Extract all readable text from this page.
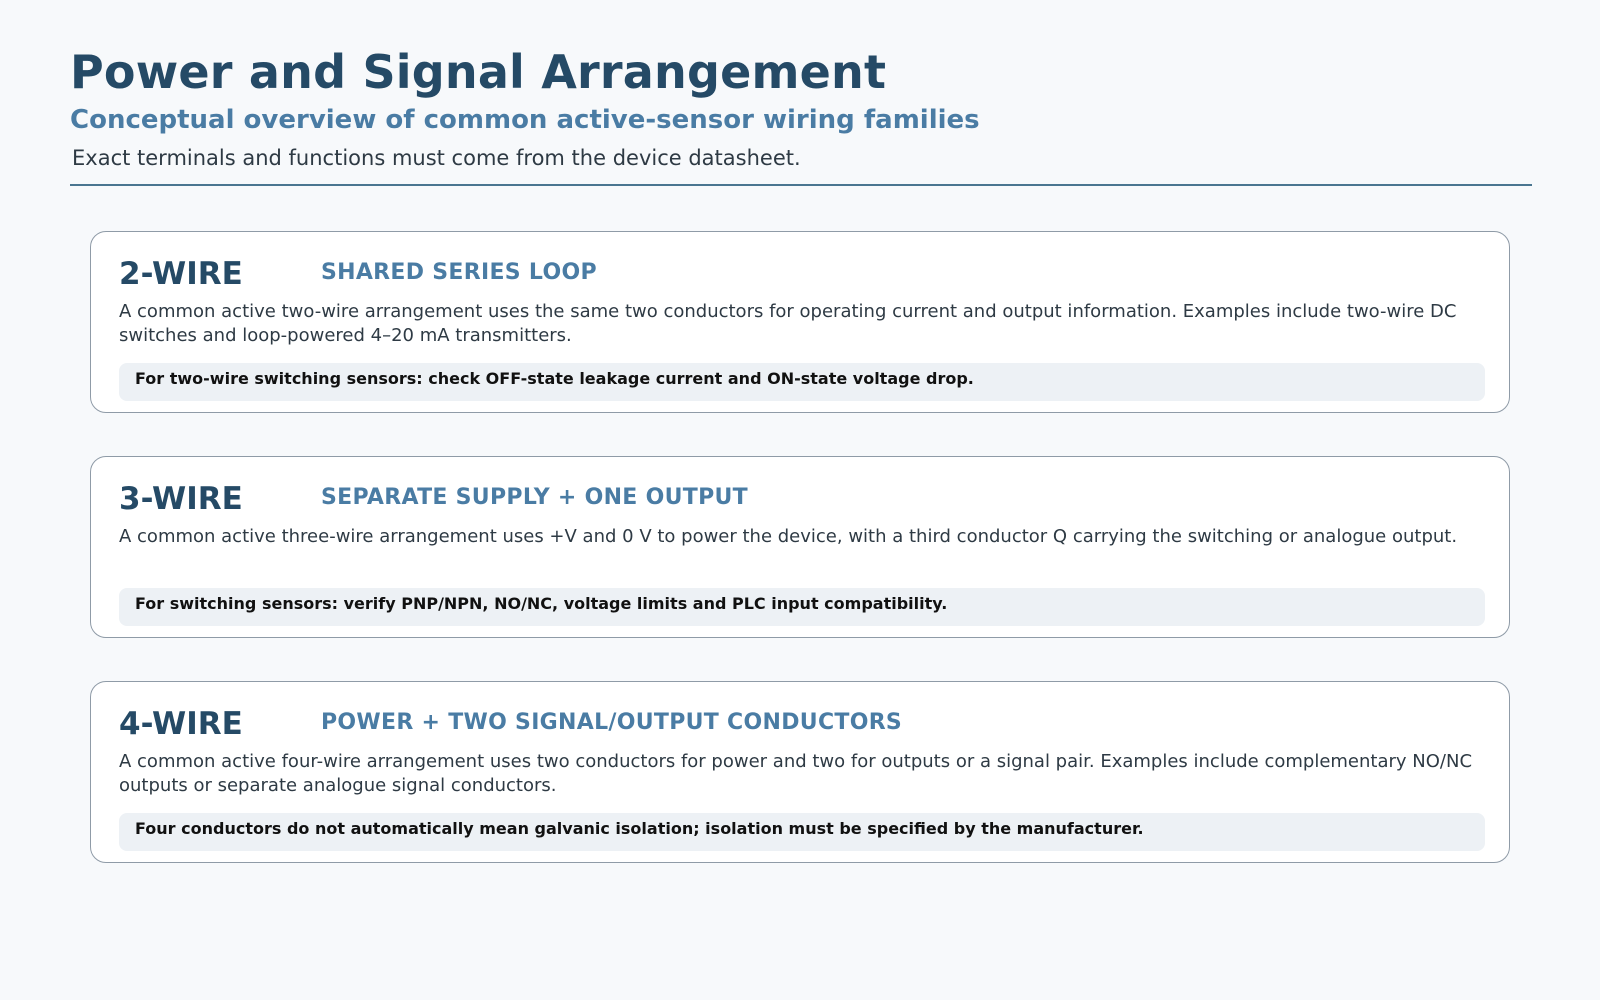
Power and Signal Arrangement
Conceptual overview of common active-sensor wiring families

Exact terminals and functions must come from the device datasheet.

2-WIRE	SHARED SERIES LOOP

A common active two-wire arrangement uses the same two conductors for operating current and output information. Examples include two-wire DC switches and loop-powered 4–20 mA transmitters.

For two-wire switching sensors: check OFF-state leakage current and ON-state voltage drop.
3-WIRE	SEPARATE SUPPLY + ONE OUTPUT

A common active three-wire arrangement uses +V and 0 V to power the device, with a third conductor Q carrying the switching or analogue output.

For switching sensors: verify PNP/NPN, NO/NC, voltage limits and PLC input compatibility.
4-WIRE	POWER + TWO SIGNAL/OUTPUT CONDUCTORS

A common active four-wire arrangement uses two conductors for power and two for outputs or a signal pair. Examples include complementary NO/NC outputs or separate analogue signal conductors.

Four conductors do not automatically mean galvanic isolation; isolation must be specified by the manufacturer.
